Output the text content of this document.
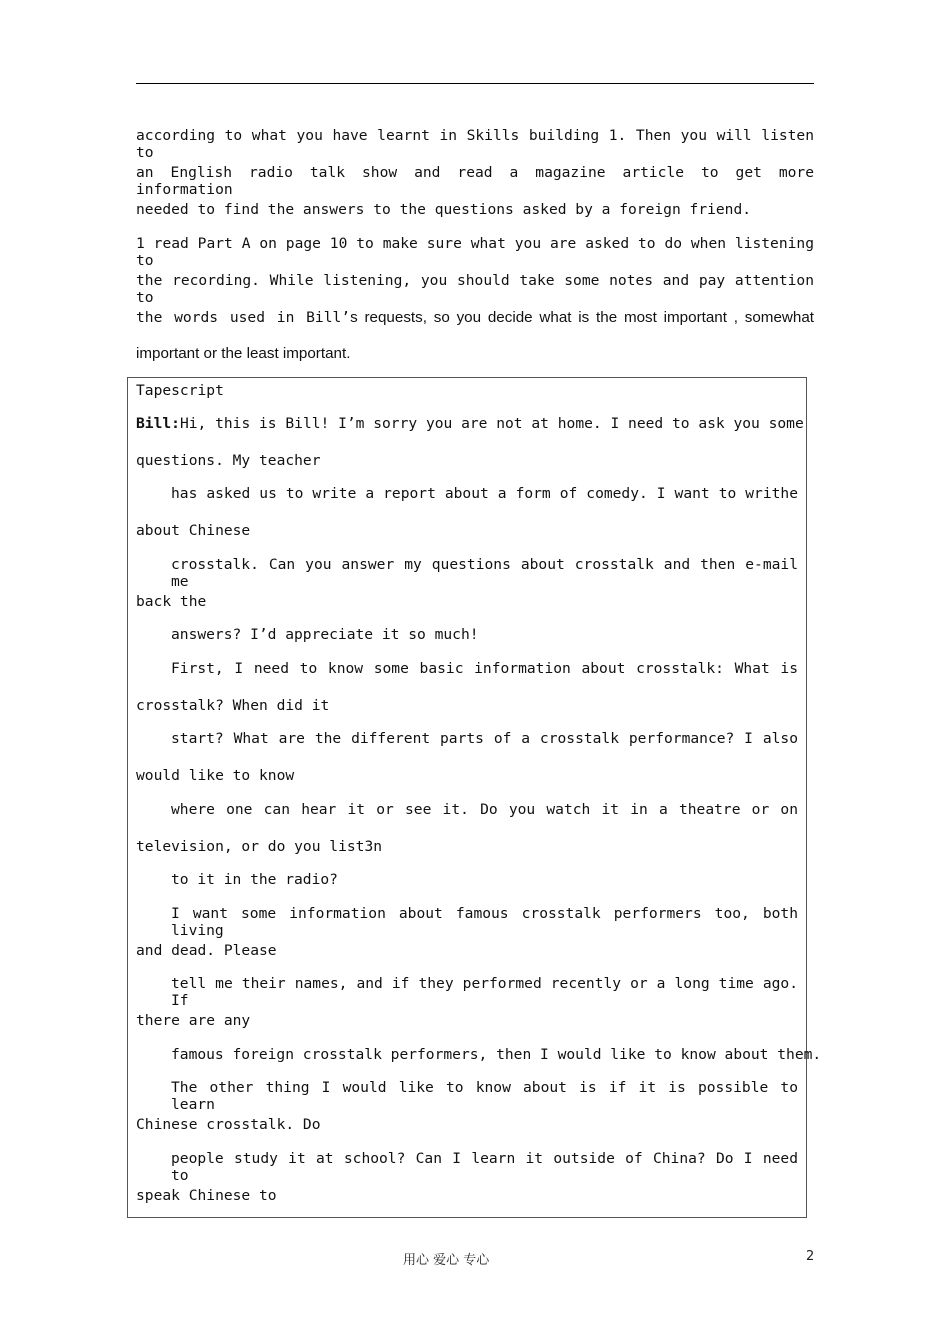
according to what you have learnt in Skills building 1. Then you will listen to
an English radio talk show and read a magazine article to get more information
needed to find the answers to the questions asked by a foreign friend.
1 read Part A on page 10 to make sure what you are asked to do when listening to
the recording. While listening, you should take some notes and pay attention to
the words used in Bill’ s requests, so you decide what is the most important , somewhat
important or the least important.
Tapescript
Bill: Hi, this is Bill! I’m sorry you are not at home. I need to ask you some
questions. My teacher
has asked us to write a report about a form of comedy. I want to writhe
about Chinese
crosstalk. Can you answer my questions about crosstalk and then e-mail me
back the
answers? I’d appreciate it so much!
First, I need to know some basic information about crosstalk: What is
crosstalk? When did it
start? What are the different parts of a crosstalk performance? I also
would like to know
where one can hear it or see it. Do you watch it in a theatre or on
television, or do you list3n
to it in the radio?
I want some information about famous crosstalk performers too, both living
and dead. Please
tell me their names, and if they performed recently or a long time ago. If
there are any
famous foreign crosstalk performers, then I would like to know about them.
The other thing I would like to know about is if it is possible to learn
Chinese crosstalk. Do
people study it at school? Can I learn it outside of China? Do I need to
speak Chinese to
用心 爱心 专心	2
